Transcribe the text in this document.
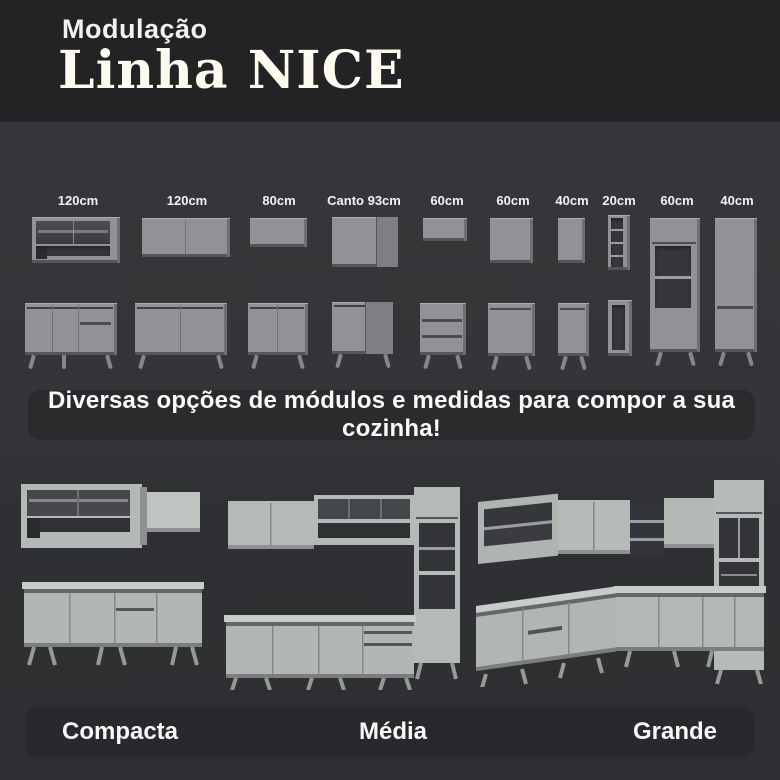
Modulação
Linha NICE
120cm	120cm	80cm Canto 93cm 60cm	60cm 40cm 20cm 60cm 40cm
Diversas opções de módulos e medidas para compor a sua cozinha!
Compacta	Média	Grande
